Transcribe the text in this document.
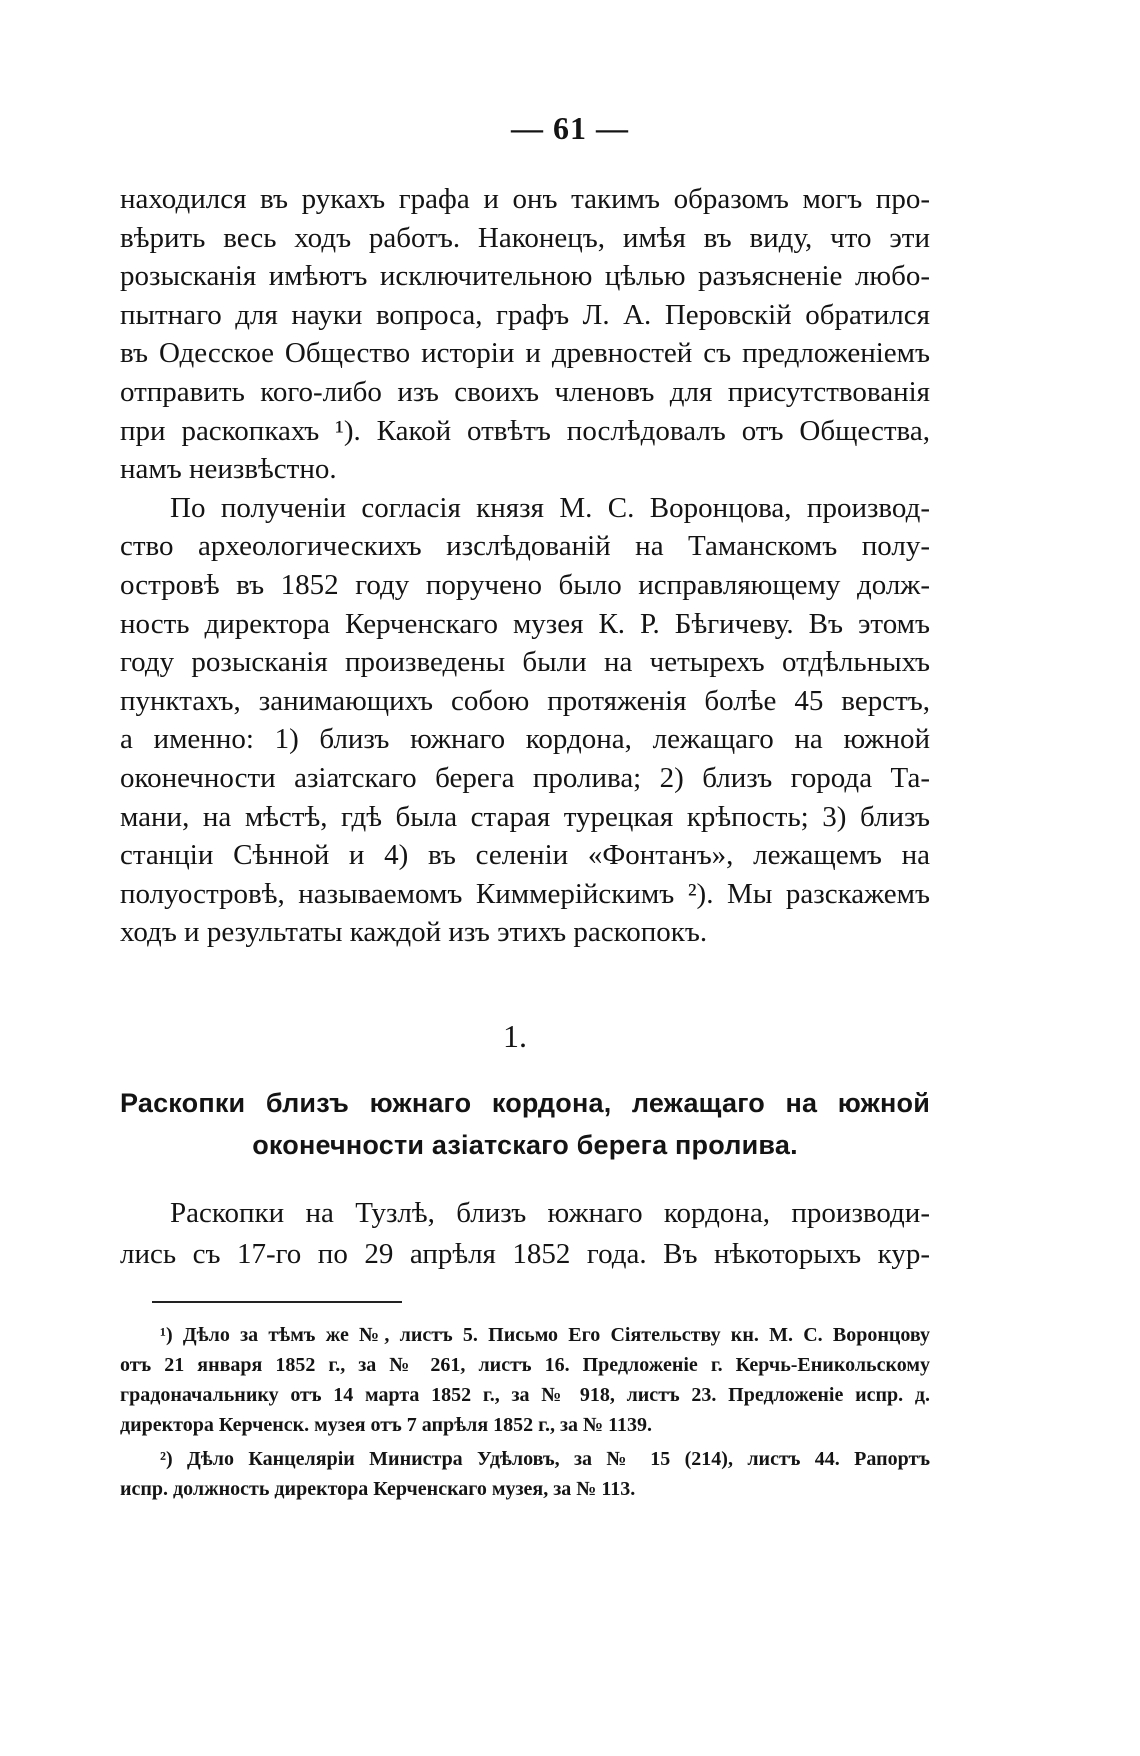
— 61 —
находился въ рукахъ графа и онъ такимъ образомъ могъ про-
вѣрить весь ходъ работъ. Наконецъ, имѣя въ виду, что эти
розысканія имѣютъ исключительною цѣлью разъясненіе любо-
пытнаго для науки вопроса, графъ Л. А. Перовскій обратился
въ Одесское Общество исторіи и древностей съ предложеніемъ
отправить кого-либо изъ своихъ членовъ для присутствованія
при раскопкахъ ¹). Какой отвѣтъ послѣдовалъ отъ Общества,
намъ неизвѣстно.
По полученіи согласія князя М. С. Воронцова, производ-
ство археологическихъ изслѣдованій на Таманскомъ полу-
островѣ въ 1852 году поручено было исправляющему долж-
ность директора Керченскаго музея К. Р. Бѣгичеву. Въ этомъ
году розысканія произведены были на четырехъ отдѣльныхъ
пунктахъ, занимающихъ собою протяженія болѣе 45 верстъ,
а именно: 1) близъ южнаго кордона, лежащаго на южной
оконечности азіатскаго берега пролива; 2) близъ города Та-
мани, на мѣстѣ, гдѣ была старая турецкая крѣпость; 3) близъ
станціи Сѣнной и 4) въ селеніи «Фонтанъ», лежащемъ на
полуостровѣ, называемомъ Киммерійскимъ ²). Мы разскажемъ
ходъ и результаты каждой изъ этихъ раскопокъ.
1.
Раскопки близъ южнаго кордона, лежащаго на южной
оконечности азіатскаго берега пролива.
Раскопки на Тузлѣ, близъ южнаго кордона, производи-
лись съ 17-го по 29 апрѣля 1852 года. Въ нѣкоторыхъ кур-
¹) Дѣло за тѣмъ же №, листъ 5. Письмо Его Сіятельству кн. М. С. Воронцову
отъ 21 января 1852 г., за № 261, листъ 16. Предложеніе г. Керчь-Еникольскому
градоначальнику отъ 14 марта 1852 г., за № 918, листъ 23. Предложеніе испр. д.
директора Керченск. музея отъ 7 апрѣля 1852 г., за № 1139.
²) Дѣло Канцеляріи Министра Удѣловъ, за № 15 (214), листъ 44. Рапортъ
испр. должность директора Керченскаго музея, за № 113.
